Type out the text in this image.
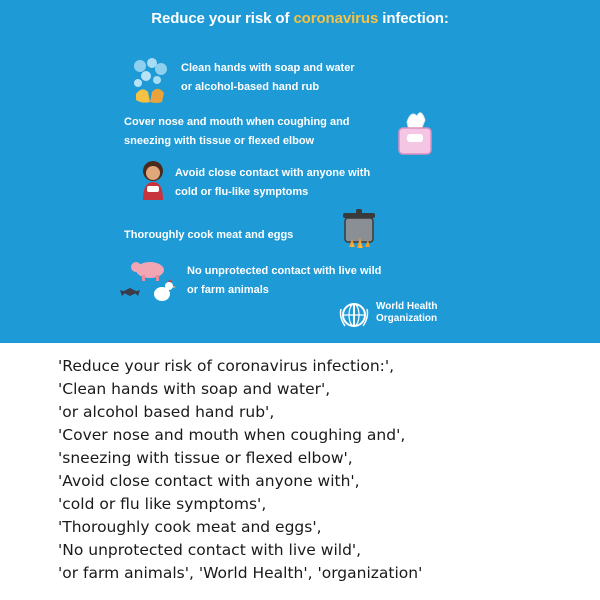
Reduce your risk of coronavirus infection:
Clean hands with soap and water
or alcohol-based hand rub
Cover nose and mouth when coughing and
sneezing with tissue or flexed elbow
Avoid close contact with anyone with
cold or flu-like symptoms
Thoroughly cook meat and eggs
No unprotected contact with live wild
or farm animals
World Health
Organization
'Reduce your risk of coronavirus infection:',
'Clean hands with soap and water',
'or alcohol based hand rub',
'Cover nose and mouth when coughing and',
'sneezing with tissue or flexed elbow',
'Avoid close contact with anyone with',
'cold or flu like symptoms',
'Thoroughly cook meat and eggs',
'No unprotected contact with live wild',
'or farm animals', 'World Health', 'organization'
